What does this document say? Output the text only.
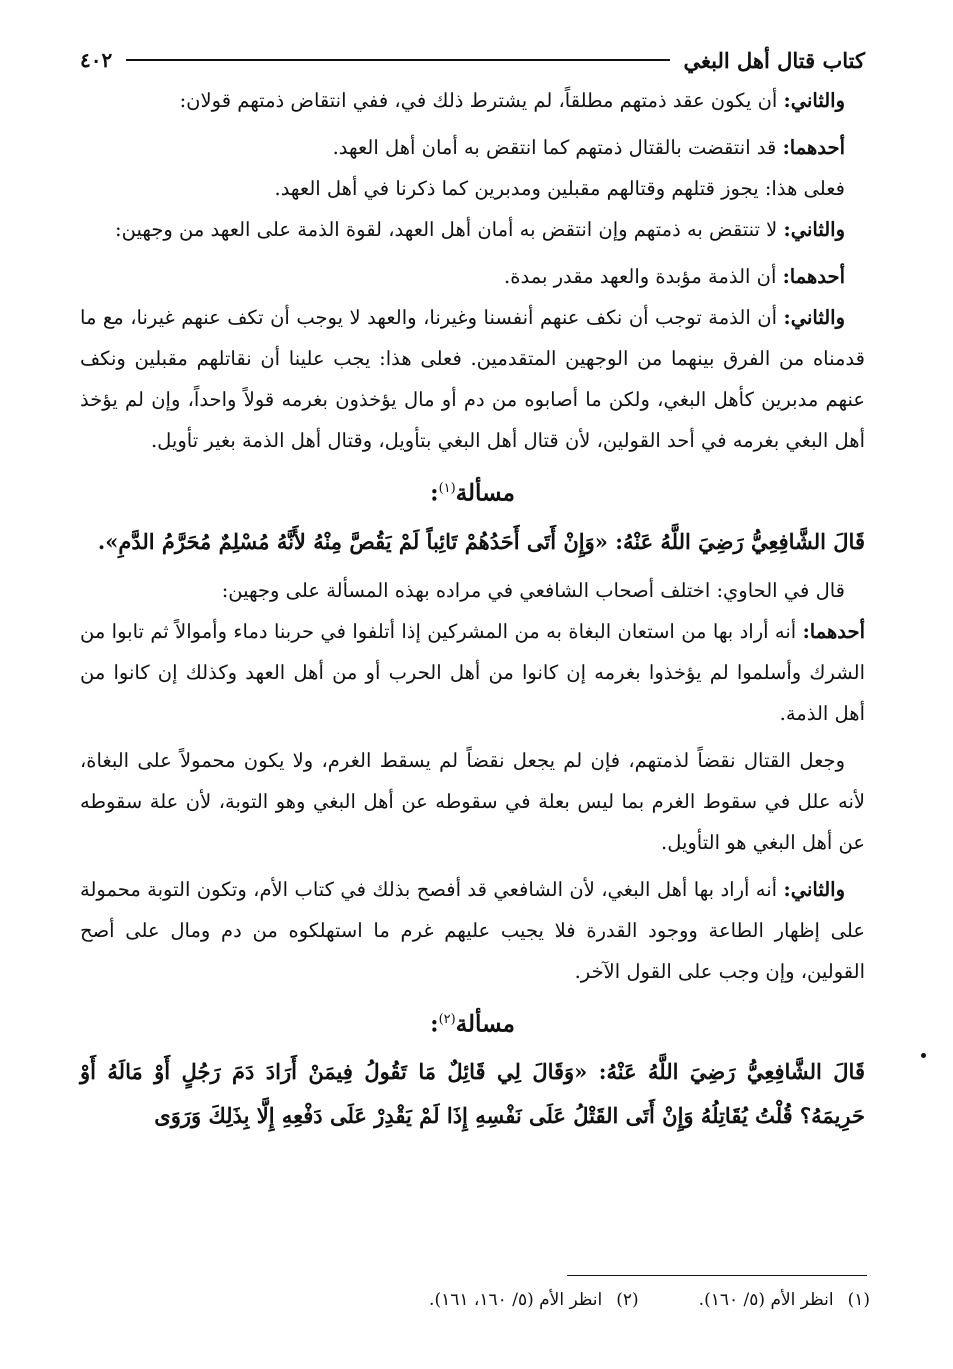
كتاب قتال أهل البغي
٤٠٢

والثاني: أن يكون عقد ذمتهم مطلقاً، لم يشترط ذلك في، ففي انتقاض ذمتهم قولان:

أحدهما: قد انتقضت بالقتال ذمتهم كما انتقض به أمان أهل العهد.

فعلى هذا: يجوز قتلهم وقتالهم مقبلين ومدبرين كما ذكرنا في أهل العهد.

والثاني: لا تنتقض به ذمتهم وإن انتقض به أمان أهل العهد، لقوة الذمة على العهد من وجهين:

أحدهما: أن الذمة مؤبدة والعهد مقدر بمدة.

والثاني: أن الذمة توجب أن نكف عنهم أنفسنا وغيرنا، والعهد لا يوجب أن تكف عنهم غيرنا، مع ما قدمناه من الفرق بينهما من الوجهين المتقدمين. فعلى هذا: يجب علينا أن نقاتلهم مقبلين ونكف عنهم مدبرين كأهل البغي، ولكن ما أصابوه من دم أو مال يؤخذون بغرمه قولاً واحداً، وإن لم يؤخذ أهل البغي بغرمه في أحد القولين، لأن قتال أهل البغي بتأويل، وقتال أهل الذمة بغير تأويل.

مسألة$^{(١)}$:

قَالَ الشَّافِعِيُّ رَضِيَ اللَّهُ عَنْهُ: «وَإِنْ أَتَى أَحَدُهُمْ تَائِباً لَمْ يَقُصَّ مِنْهُ لأَنَّهُ مُسْلِمٌ مُحَرَّمُ الدَّمِ».

قال في الحاوي: اختلف أصحاب الشافعي في مراده بهذه المسألة على وجهين:

أحدهما: أنه أراد بها من استعان البغاة به من المشركين إذا أتلفوا في حربنا دماء وأموالاً ثم تابوا من الشرك وأسلموا لم يؤخذوا بغرمه إن كانوا من أهل الحرب أو من أهل العهد وكذلك إن كانوا من أهل الذمة.

وجعل القتال نقضاً لذمتهم، فإن لم يجعل نقضاً لم يسقط الغرم، ولا يكون محمولاً على البغاة، لأنه علل في سقوط الغرم بما ليس بعلة في سقوطه عن أهل البغي وهو التوبة، لأن علة سقوطه عن أهل البغي هو التأويل.

والثاني: أنه أراد بها أهل البغي، لأن الشافعي قد أفصح بذلك في كتاب الأم، وتكون التوبة محمولة على إظهار الطاعة ووجود القدرة فلا يجيب عليهم غرم ما استهلكوه من دم ومال على أصح القولين، وإن وجب على القول الآخر.

مسألة$^{(٢)}$:

قَالَ الشَّافِعِيُّ رَضِيَ اللَّهُ عَنْهُ: «وَقَالَ لِي قَائِلٌ مَا تَقُولُ فِيمَنْ أَرَادَ دَمَ رَجُلٍ أَوْ مَالَهُ أَوْ حَرِيمَهُ؟ قُلْتُ يُقَاتِلُهُ وَإِنْ أَتَى القَتْلُ عَلَى نَفْسِهِ إِذَا لَمْ يَقْدِرْ عَلَى دَفْعِهِ إِلَّا بِذَلِكَ وَرَوَى

(١)انظر الأم (٥/ ١٦٠).
(٢)انظر الأم (٥/ ١٦٠، ١٦١).
